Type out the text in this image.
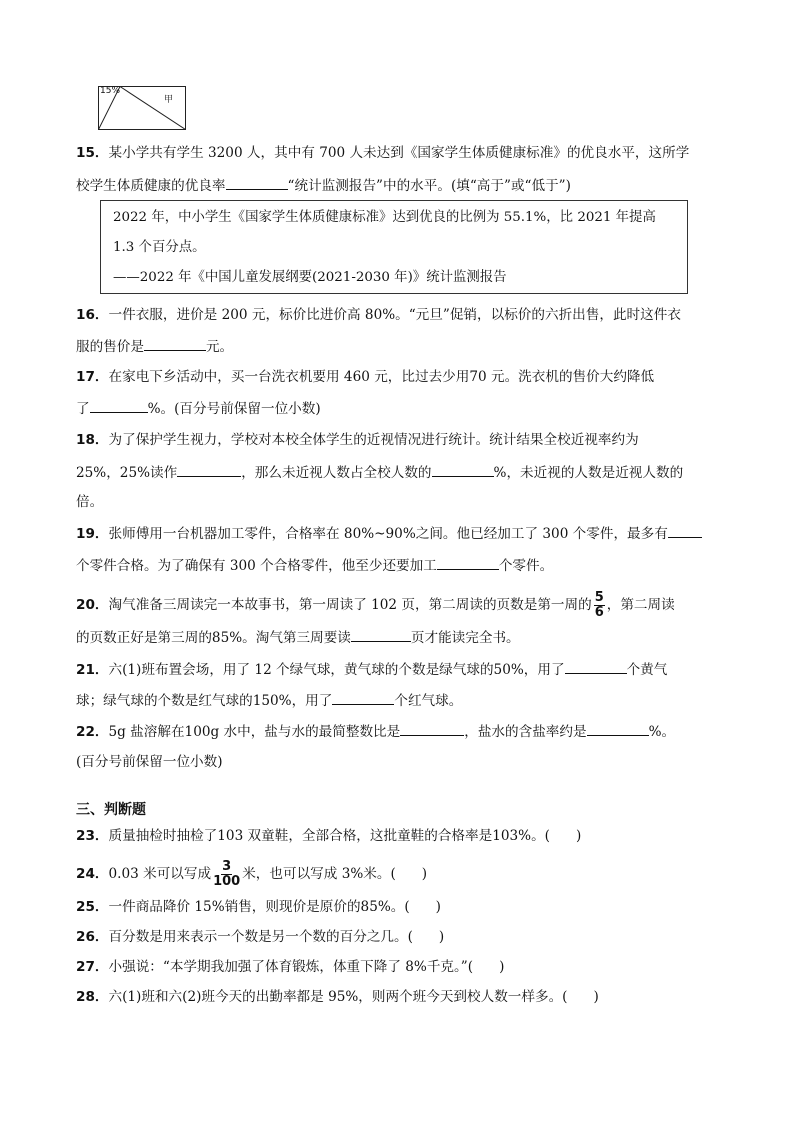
15%
甲
15．某小学共有学生 3200 人，其中有 700 人未达到《国家学生体质健康标准》的优良水平，这所学
校学生体质健康的优良率	“统计监测报告”中的水平。(填“高于”或“低于”)
2022 年，中小学生《国家学生体质健康标准》达到优良的比例为 55.1%，比 2021 年提高
1.3 个百分点。
——2022 年《中国儿童发展纲要(2021-2030 年)》统计监测报告
16．一件衣服，进价是 200 元，标价比进价高 80%。“元旦”促销，以标价的六折出售，此时这件衣
服的售价是	元。
17．在家电下乡活动中，买一台洗衣机要用 460 元，比过去少用70 元。洗衣机的售价大约降低
了	%。(百分号前保留一位小数)
18．为了保护学生视力，学校对本校全体学生的近视情况进行统计。统计结果全校近视率约为
25%，25%读作	，那么未近视人数占全校人数的	%，未近视的人数是近视人数的
倍。
19．张师傅用一台机器加工零件，合格率在 80%~90%之间。他已经加工了 300 个零件，最多有
个零件合格。为了确保有 300 个合格零件，他至少还要加工	个零件。
20．淘气准备三周读完一本故事书，第一周读了 102 页，第二周读的页数是第一周的 $\frac{5}{6}$ ，第二周读
的页数正好是第三周的85%。淘气第三周要读	页才能读完全书。
21．六(1)班布置会场，用了 12 个绿气球，黄气球的个数是绿气球的50%，用了	个黄气
球；绿气球的个数是红气球的150%，用了	个红气球。
22．5g 盐溶解在100g 水中，盐与水的最简整数比是	，盐水的含盐率约是	%。
(百分号前保留一位小数)
三、判断题
23．质量抽检时抽检了103 双童鞋，全部合格，这批童鞋的合格率是103%。( )
24．0.03 米可以写成 $\frac{3}{100}$ 米，也可以写成 3%米。( )
25．一件商品降价 15%销售，则现价是原价的85%。( )
26．百分数是用来表示一个数是另一个数的百分之几。( )
27．小强说：“本学期我加强了体育锻炼，体重下降了 8%千克。”( )
28．六(1)班和六(2)班今天的出勤率都是 95%，则两个班今天到校人数一样多。( )
